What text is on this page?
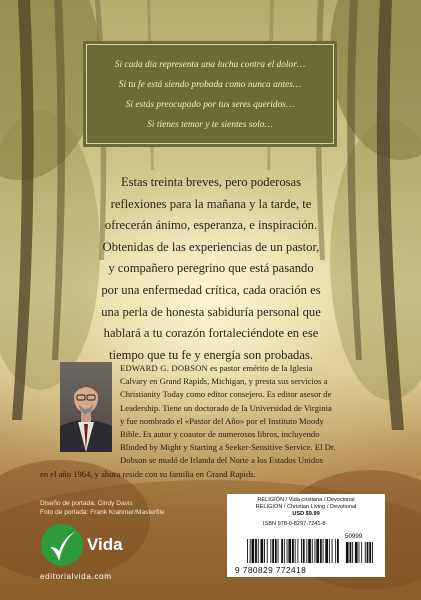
Si cada día representa una lucha contra el dolor…
Si tu fe está siendo probada como nunca antes…
Si estás preocupado por tus seres queridos…
Si tienes temor y te sientes solo…
Estas treinta breves, pero poderosas
reflexiones para la mañana y la tarde, te
ofrecerán ánimo, esperanza, e inspiración.
Obtenidas de las experiencias de un pastor,
y compañero peregrino que está pasando
por una enfermedad crítica, cada oración es
una perla de honesta sabiduría personal que
hablará a tu corazón fortaleciéndote en ese
tiempo que tu fe y energía son probadas.
EDWARD G. DOBSON es pastor emérito de la Iglesia
Calvary en Grand Rapids, Michigan, y presta sus servicios a
Christianity Today como editor consejero. Es editor asesor de
Leadership. Tiene un doctorado de la Universidad de Virginia
y fue nombrado el «Pastor del Año» por el Instituto Moody
Bible. Es autor y coautor de numerosos libros, incluyendo
Blinded by Might y Starting a Seeker-Sensitive Service. El Dr.
Dobson se mudó de Irlanda del Norte a los Estados Unidos
en el año 1964, y ahora reside con su familia en Grand Rapids.
Diseño de portada: Cindy Davis
Foto de portada: Frank Krahmer/Masterfile
Vida
editorialvida.com
RELIGIÓN / Vida cristiana / Devocional
RELIGION / Christian Living / Devotional
USD $9.99
ISBN 978-0-8297-7241-8
50999
9 780829 772418
